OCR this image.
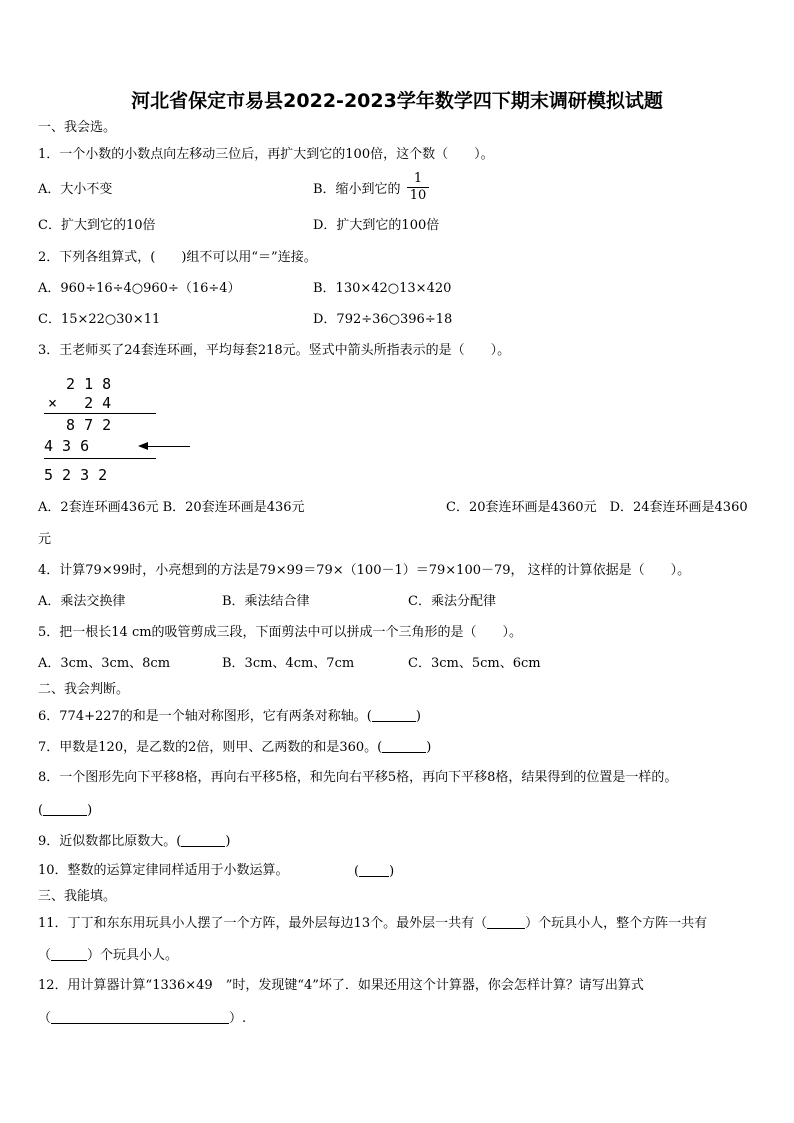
河北省保定市易县2022-2023学年数学四下期末调研模拟试题
一、我会选。
1．一个小数的小数点向左移动三位后，再扩大到它的100倍，这个数（　　）。
A．大小不变	B．缩小到它的 $\frac{1}{10}$
C．扩大到它的10倍	D．扩大到它的100倍
2．下列各组算式，(　　)组不可以用“＝”连接。
A．960÷16÷4○960÷（16÷4）	B．130×42○13×420
C．15×22○30×11	D．792÷36○396÷18
3．王老师买了24套连环画，平均每套218元。竖式中箭头所指表示的是（　　）。
2 1 8
×   2 4
8 7 2
4 3 6
5 2 3 2
A．2套连环画436元 B．20套连环画是436元	C．20套连环画是4360元　D．24套连环画是4360
元
4．计算79×99时，小亮想到的方法是79×99＝79×（100－1）＝79×100－79， 这样的计算依据是（　　）。
A．乘法交换律	B．乘法结合律	C．乘法分配律
5．把一根长14 cm的吸管剪成三段，下面剪法中可以拼成一个三角形的是（　　）。
A．3cm、3cm、8cm	B．3cm、4cm、7cm	C．3cm、5cm、6cm
二、我会判断。
6．774+227的和是一个轴对称图形，它有两条对称轴。(	)
7．甲数是120，是乙数的2倍，则甲、乙两数的和是360。(	)
8．一个图形先向下平移8格，再向右平移5格，和先向右平移5格，再向下平移8格，结果得到的位置是一样的。
(	)
9．近似数都比原数大。(	)
10．整数的运算定律同样适用于小数运算。	( )
三、我能填。
11．丁丁和东东用玩具小人摆了一个方阵，最外层每边13个。最外层一共有（	）个玩具小人，整个方阵一共有
（	）个玩具小人。
12．用计算器计算“1336×49　”时，发现键“4”坏了．如果还用这个计算器，你会怎样计算？请写出算式
（	）.
